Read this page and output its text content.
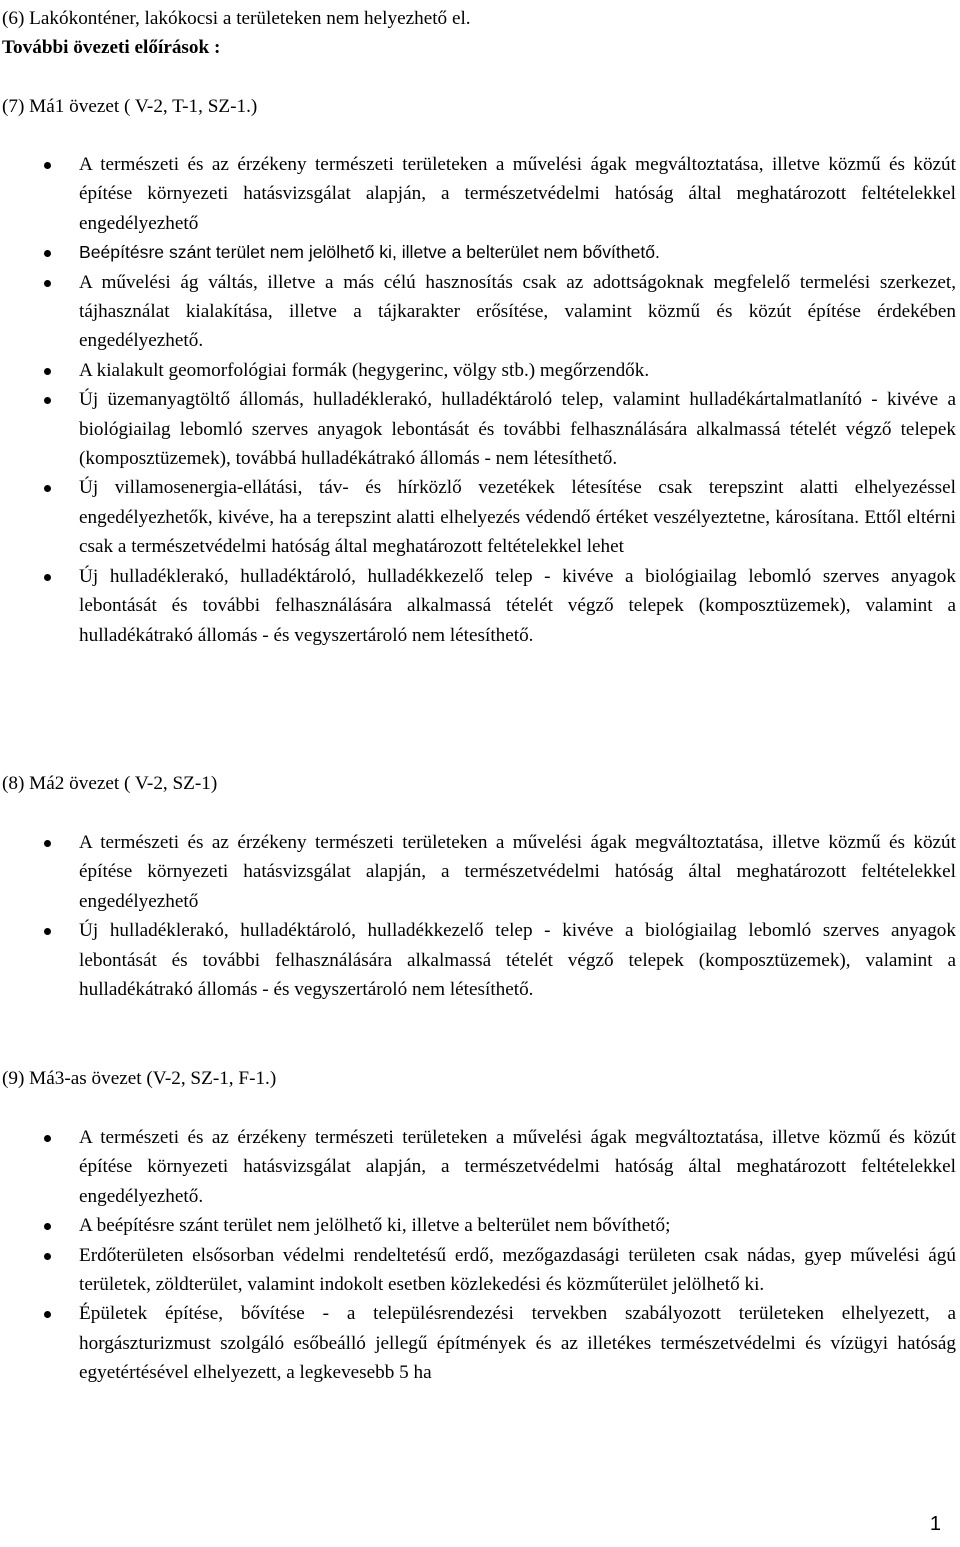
(6) Lakókonténer, lakókocsi a területeken nem helyezhető el.

További övezeti előírások :

(7) Má1 övezet ( V-2, T-1, SZ-1.)

A természeti és az érzékeny természeti területeken a művelési ágak megváltoztatása, illetve közmű és közút építése környezeti hatásvizsgálat alapján, a természetvédelmi hatóság által meghatározott feltételekkel engedélyezhető
Beépítésre szánt terület nem jelölhető ki, illetve a belterület nem bővíthető.
A művelési ág váltás, illetve a más célú hasznosítás csak az adottságoknak megfelelő termelési szerkezet, tájhasználat kialakítása, illetve a tájkarakter erősítése, valamint közmű és közút építése érdekében engedélyezhető.
A kialakult geomorfológiai formák (hegygerinc, völgy stb.) megőrzendők.
Új üzemanyagtöltő állomás, hulladéklerakó, hulladéktároló telep, valamint hulladékártalmatlanító - kivéve a biológiailag lebomló szerves anyagok lebontását és további felhasználására alkalmassá tételét végző telepek (komposztüzemek), továbbá hulladékátrakó állomás - nem létesíthető.
Új villamosenergia-ellátási, táv- és hírközlő vezetékek létesítése csak terepszint alatti elhelyezéssel engedélyezhetők, kivéve, ha a terepszint alatti elhelyezés védendő értéket veszélyeztetne, károsítana. Ettől eltérni csak a természetvédelmi hatóság által meghatározott feltételekkel lehet
Új hulladéklerakó, hulladéktároló, hulladékkezelő telep - kivéve a biológiailag lebomló szerves anyagok lebontását és további felhasználására alkalmassá tételét végző telepek (komposztüzemek), valamint a hulladékátrakó állomás - és vegyszertároló nem létesíthető.

(8) Má2 övezet ( V-2, SZ-1)

A természeti és az érzékeny természeti területeken a művelési ágak megváltoztatása, illetve közmű és közút építése környezeti hatásvizsgálat alapján, a természetvédelmi hatóság által meghatározott feltételekkel engedélyezhető
Új hulladéklerakó, hulladéktároló, hulladékkezelő telep - kivéve a biológiailag lebomló szerves anyagok lebontását és további felhasználására alkalmassá tételét végző telepek (komposztüzemek), valamint a hulladékátrakó állomás - és vegyszertároló nem létesíthető.

(9) Má3-as övezet (V-2, SZ-1, F-1.)

A természeti és az érzékeny természeti területeken a művelési ágak megváltoztatása, illetve közmű és közút építése környezeti hatásvizsgálat alapján, a természetvédelmi hatóság által meghatározott feltételekkel engedélyezhető.
A beépítésre szánt terület nem jelölhető ki, illetve a belterület nem bővíthető;
Erdőterületen elsősorban védelmi rendeltetésű erdő, mezőgazdasági területen csak nádas, gyep művelési ágú területek, zöldterület, valamint indokolt esetben közlekedési és közműterület jelölhető ki.
Épületek építése, bővítése - a településrendezési tervekben szabályozott területeken elhelyezett, a horgászturizmust szolgáló esőbeálló jellegű építmények és az illetékes természetvédelmi és vízügyi hatóság egyetértésével elhelyezett, a legkevesebb 5 ha
1
